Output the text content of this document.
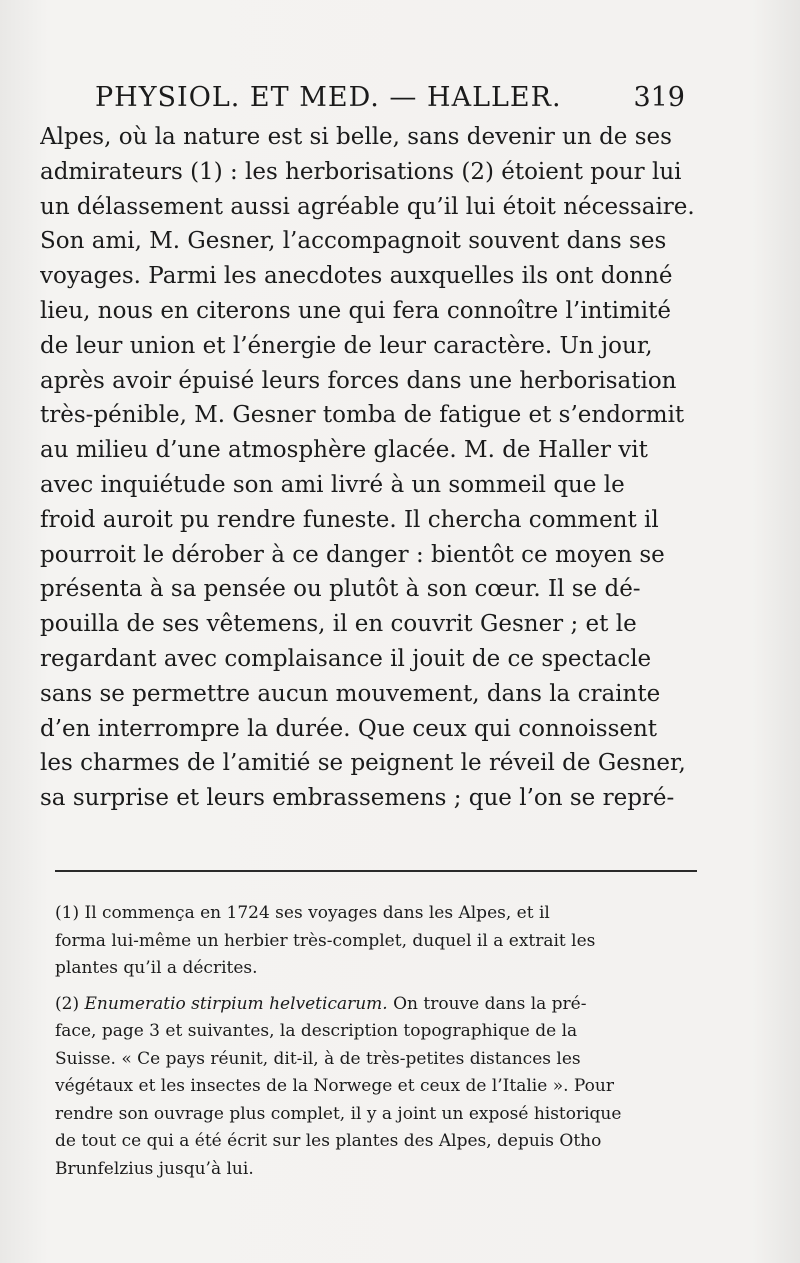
PHYSIOL. ET MED. — HALLER.	319
Alpes, où la nature est si belle, sans devenir un de ses
admirateurs (1) : les herborisations (2) étoient pour lui
un délassement aussi agréable qu’il lui étoit nécessaire.
Son ami, M. Gesner, l’accompagnoit souvent dans ses
voyages. Parmi les anecdotes auxquelles ils ont donné
lieu, nous en citerons une qui fera connoître l’intimité
de leur union et l’énergie de leur caractère. Un jour,
après avoir épuisé leurs forces dans une herborisation
très-pénible, M. Gesner tomba de fatigue et s’endormit
au milieu d’une atmosphère glacée. M. de Haller vit
avec inquiétude son ami livré à un sommeil que le
froid auroit pu rendre funeste. Il chercha comment il
pourroit le dérober à ce danger : bientôt ce moyen se
présenta à sa pensée ou plutôt à son cœur. Il se dé-
pouilla de ses vêtemens, il en couvrit Gesner ; et le
regardant avec complaisance il jouit de ce spectacle
sans se permettre aucun mouvement, dans la crainte
d’en interrompre la durée. Que ceux qui connoissent
les charmes de l’amitié se peignent le réveil de Gesner,
sa surprise et leurs embrassemens ; que l’on se repré-
(1) Il commença en 1724 ses voyages dans les Alpes, et il
forma lui-même un herbier très-complet, duquel il a extrait les
plantes qu’il a décrites.
(2) Enumeratio stirpium helveticarum. On trouve dans la pré-
face, page 3 et suivantes, la description topographique de la
Suisse. « Ce pays réunit, dit-il, à de très-petites distances les
végétaux et les insectes de la Norwege et ceux de l’Italie ». Pour
rendre son ouvrage plus complet, il y a joint un exposé historique
de tout ce qui a été écrit sur les plantes des Alpes, depuis Otho
Brunfelzius jusqu’à lui.
